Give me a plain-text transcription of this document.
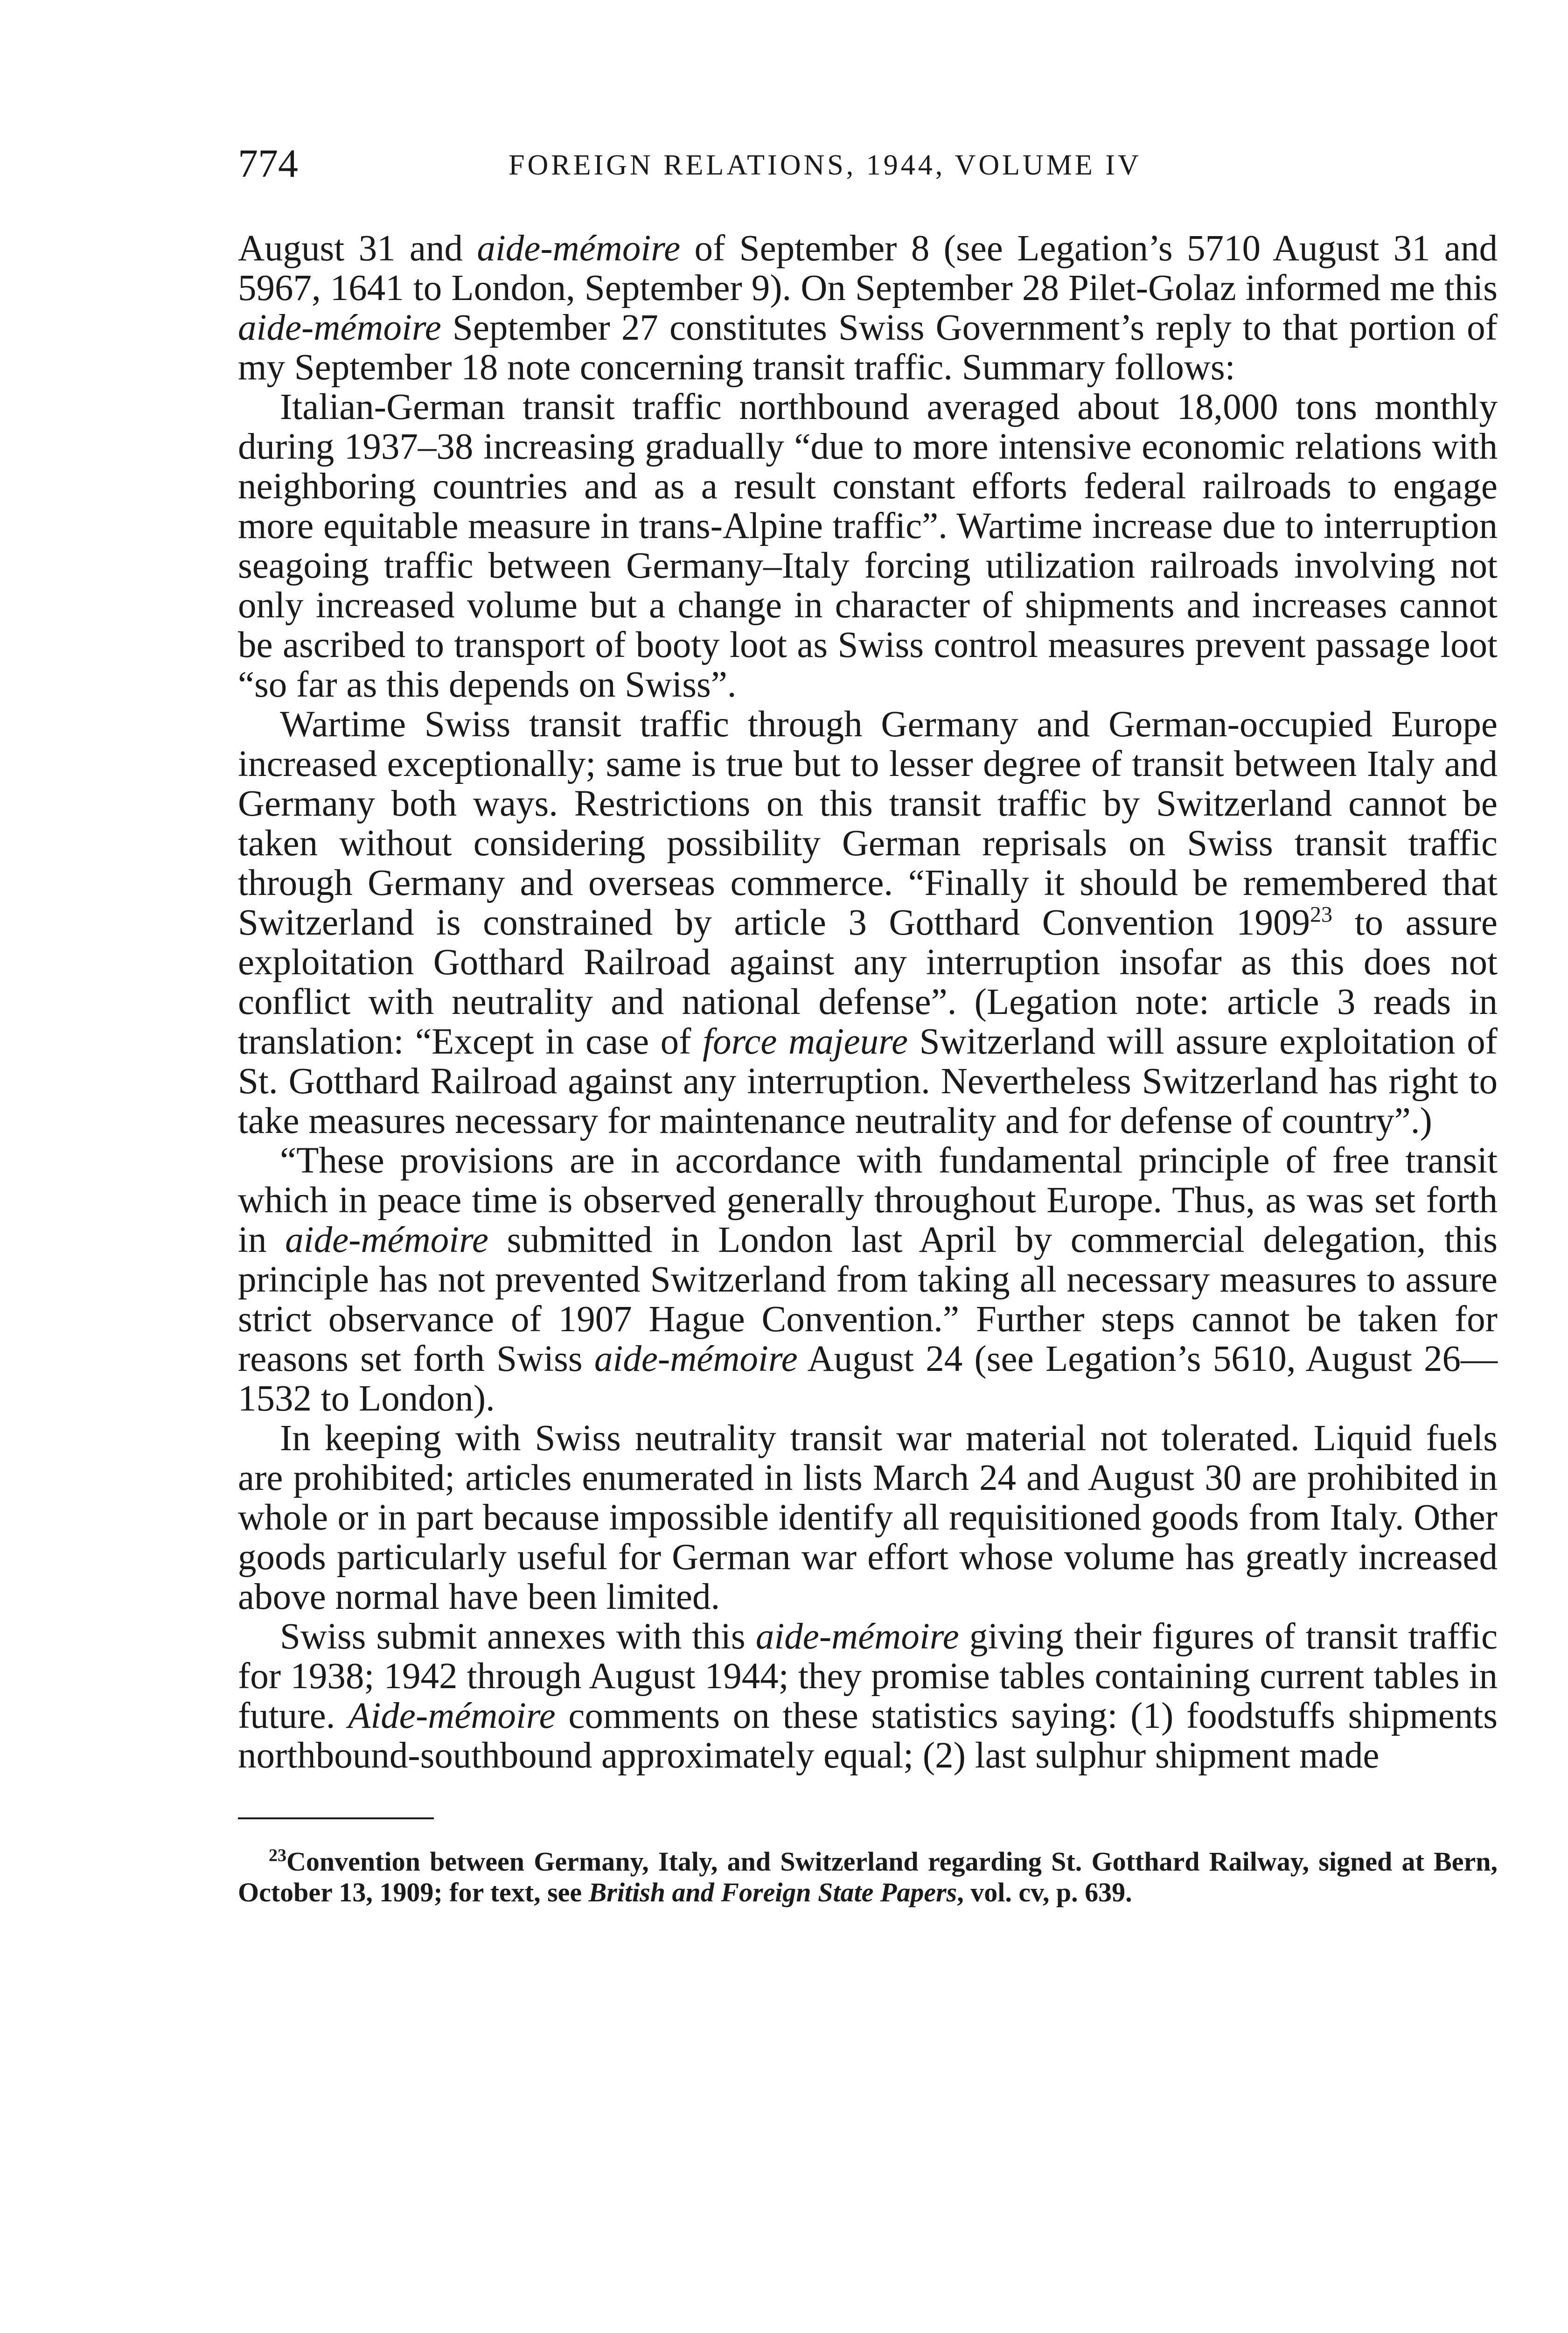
774	FOREIGN RELATIONS, 1944, VOLUME IV

August 31 and aide-mémoire of September 8 (see Legation’s 5710 August 31 and 5967, 1641 to London, September 9). On September 28 Pilet-Golaz informed me this aide-mémoire September 27 constitutes Swiss Government’s reply to that portion of my September 18 note concerning transit traffic. Summary follows:

Italian-German transit traffic northbound averaged about 18,000 tons monthly during 1937–38 increasing gradually “due to more intensive economic relations with neighboring countries and as a result constant efforts federal railroads to engage more equitable measure in trans-Alpine traffic”. Wartime increase due to interruption seagoing traffic between Germany–Italy forcing utilization railroads involving not only increased volume but a change in character of shipments and increases cannot be ascribed to transport of booty loot as Swiss control measures prevent passage loot “so far as this depends on Swiss”.

Wartime Swiss transit traffic through Germany and German-occupied Europe increased exceptionally; same is true but to lesser degree of transit between Italy and Germany both ways. Restrictions on this transit traffic by Switzerland cannot be taken without considering possibility German reprisals on Swiss transit traffic through Germany and overseas commerce. “Finally it should be remembered that Switzerland is constrained by article 3 Gotthard Convention 1909$^{23}$ to assure exploitation Gotthard Railroad against any interruption insofar as this does not conflict with neutrality and national defense”. (Legation note: article 3 reads in translation: “Except in case of force majeure Switzerland will assure exploitation of St. Gotthard Railroad against any interruption. Nevertheless Switzerland has right to take measures necessary for maintenance neutrality and for defense of country”.)

“These provisions are in accordance with fundamental principle of free transit which in peace time is observed generally throughout Europe. Thus, as was set forth in aide-mémoire submitted in London last April by commercial delegation, this principle has not prevented Switzerland from taking all necessary measures to assure strict observance of 1907 Hague Convention.” Further steps cannot be taken for reasons set forth Swiss aide-mémoire August 24 (see Legation’s 5610, August 26—1532 to London).

In keeping with Swiss neutrality transit war material not tolerated. Liquid fuels are prohibited; articles enumerated in lists March 24 and August 30 are prohibited in whole or in part because impossible identify all requisitioned goods from Italy. Other goods particularly useful for German war effort whose volume has greatly increased above normal have been limited.

Swiss submit annexes with this aide-mémoire giving their figures of transit traffic for 1938; 1942 through August 1944; they promise tables containing current tables in future. Aide-mémoire comments on these statistics saying: (1) foodstuffs shipments northbound-southbound approximately equal; (2) last sulphur shipment made

$^{23}$Convention between Germany, Italy, and Switzerland regarding St. Gotthard Railway, signed at Bern, October 13, 1909; for text, see British and Foreign State Papers, vol. cv, p. 639.
